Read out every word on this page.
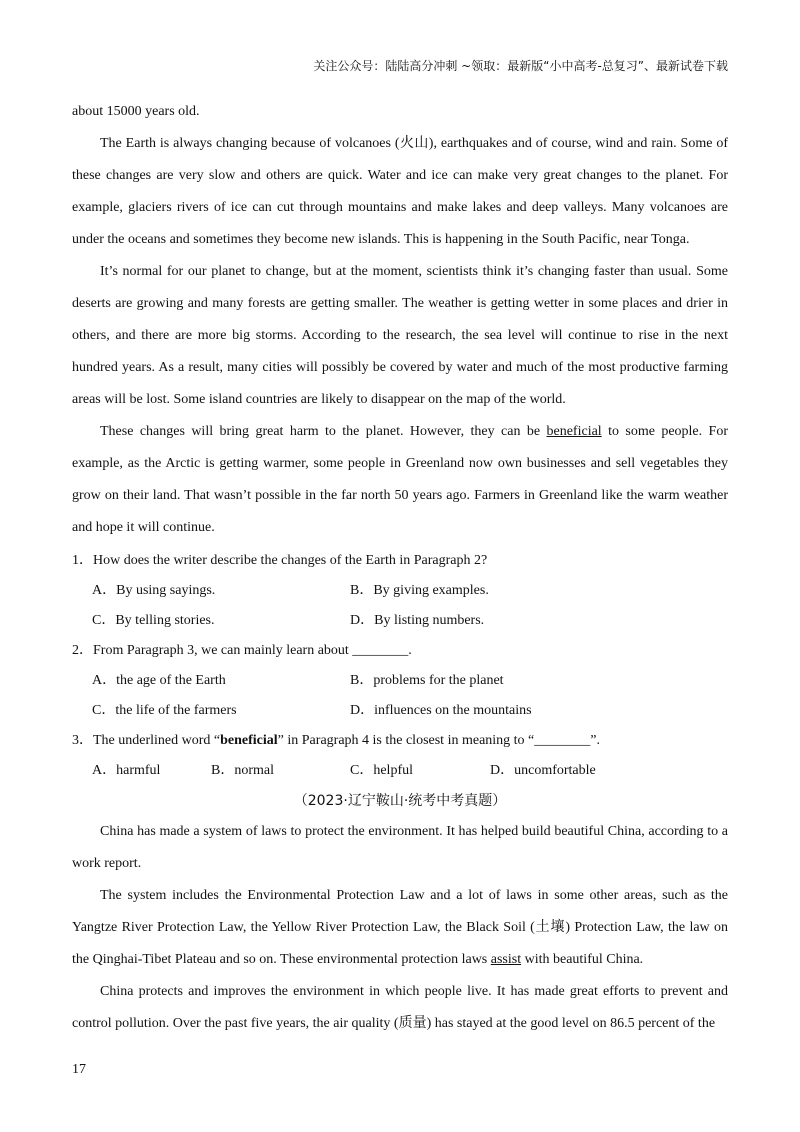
关注公众号：陆陆高分冲刺 ~领取：最新版“小中高考-总复习”、最新试卷下载

about 15000 years old.

The Earth is always changing because of volcanoes (火山), earthquakes and of course, wind and rain. Some of these changes are very slow and others are quick. Water and ice can make very great changes to the planet. For example, glaciers rivers of ice can cut through mountains and make lakes and deep valleys. Many volcanoes are under the oceans and sometimes they become new islands. This is happening in the South Pacific, near Tonga.

It’s normal for our planet to change, but at the moment, scientists think it’s changing faster than usual. Some deserts are growing and many forests are getting smaller. The weather is getting wetter in some places and drier in others, and there are more big storms. According to the research, the sea level will continue to rise in the next hundred years. As a result, many cities will possibly be covered by water and much of the most productive farming areas will be lost. Some island countries are likely to disappear on the map of the world.

These changes will bring great harm to the planet. However, they can be beneficial to some people. For example, as the Arctic is getting warmer, some people in Greenland now own businesses and sell vegetables they grow on their land. That wasn’t possible in the far north 50 years ago. Farmers in Greenland like the warm weather and hope it will continue.

1．How does the writer describe the changes of the Earth in Paragraph 2?
A．By using sayings.	B．By giving examples.
C．By telling stories.	D．By listing numbers.
2．From Paragraph 3, we can mainly learn about ________.
A．the age of the Earth	B．problems for the planet
C．the life of the farmers	D．influences on the mountains
3．The underlined word “beneficial” in Paragraph 4 is the closest in meaning to “________”.
A．harmful	B．normal	C．helpful	D．uncomfortable
（2023·辽宁鞍山·统考中考真题）

China has made a system of laws to protect the environment. It has helped build beautiful China, according to a work report.

The system includes the Environmental Protection Law and a lot of laws in some other areas, such as the Yangtze River Protection Law, the Yellow River Protection Law, the Black Soil (土壤) Protection Law, the law on the Qinghai-Tibet Plateau and so on. These environmental protection laws assist with beautiful China.

China protects and improves the environment in which people live. It has made great efforts to prevent and control pollution. Over the past five years, the air quality (质量) has stayed at the good level on 86.5 percent of the

17
